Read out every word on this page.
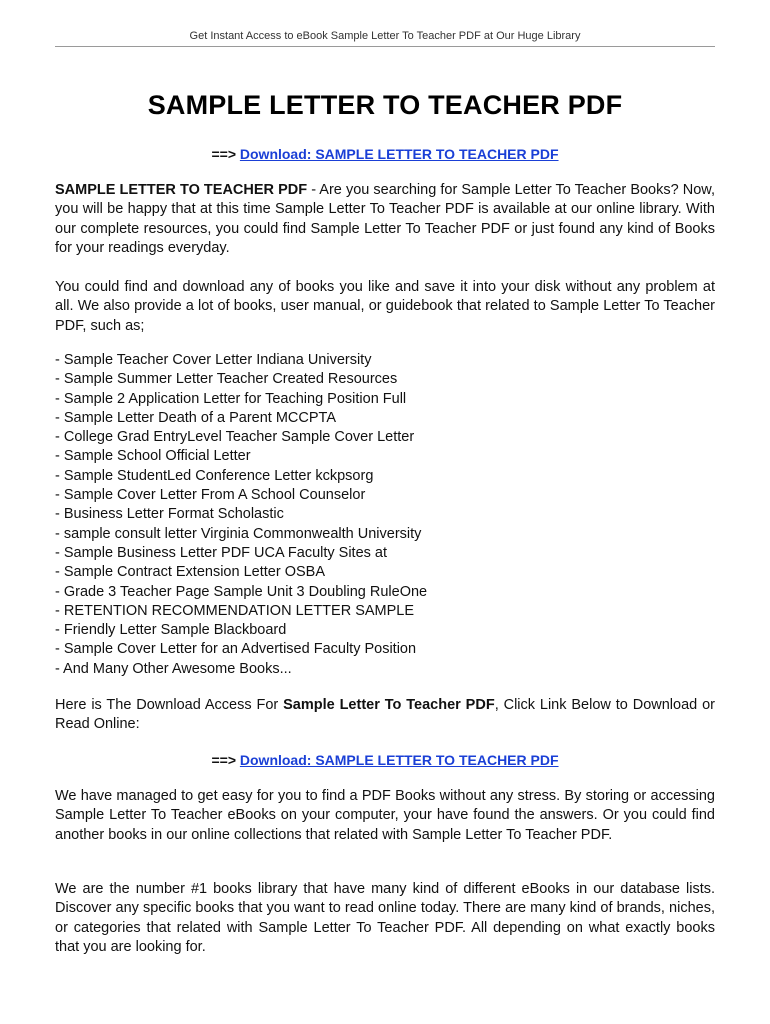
Get Instant Access to eBook Sample Letter To Teacher PDF at Our Huge Library
SAMPLE LETTER TO TEACHER PDF
==> Download: SAMPLE LETTER TO TEACHER PDF

SAMPLE LETTER TO TEACHER PDF - Are you searching for Sample Letter To Teacher Books? Now, you will be happy that at this time Sample Letter To Teacher PDF is available at our online library. With our complete resources, you could find Sample Letter To Teacher PDF or just found any kind of Books for your readings everyday.

You could find and download any of books you like and save it into your disk without any problem at all. We also provide a lot of books, user manual, or guidebook that related to Sample Letter To Teacher PDF, such as;

- Sample Teacher Cover Letter Indiana University
- Sample Summer Letter Teacher Created Resources
- Sample 2 Application Letter for Teaching Position Full
- Sample Letter Death of a Parent MCCPTA
- College Grad EntryLevel Teacher Sample Cover Letter
- Sample School Official Letter
- Sample StudentLed Conference Letter kckpsorg
- Sample Cover Letter From A School Counselor
- Business Letter Format Scholastic
- sample consult letter Virginia Commonwealth University
- Sample Business Letter PDF UCA Faculty Sites at
- Sample Contract Extension Letter OSBA
- Grade 3 Teacher Page Sample Unit 3 Doubling RuleOne
- RETENTION RECOMMENDATION LETTER SAMPLE
- Friendly Letter Sample Blackboard
- Sample Cover Letter for an Advertised Faculty Position
- And Many Other Awesome Books...

Here is The Download Access For Sample Letter To Teacher PDF, Click Link Below to Download or Read Online:

==> Download: SAMPLE LETTER TO TEACHER PDF

We have managed to get easy for you to find a PDF Books without any stress. By storing or accessing Sample Letter To Teacher eBooks on your computer, your have found the answers. Or you could find another books in our online collections that related with Sample Letter To Teacher PDF.

We are the number #1 books library that have many kind of different eBooks in our database lists. Discover any specific books that you want to read online today. There are many kind of brands, niches, or categories that related with Sample Letter To Teacher PDF. All depending on what exactly books that you are looking for.
